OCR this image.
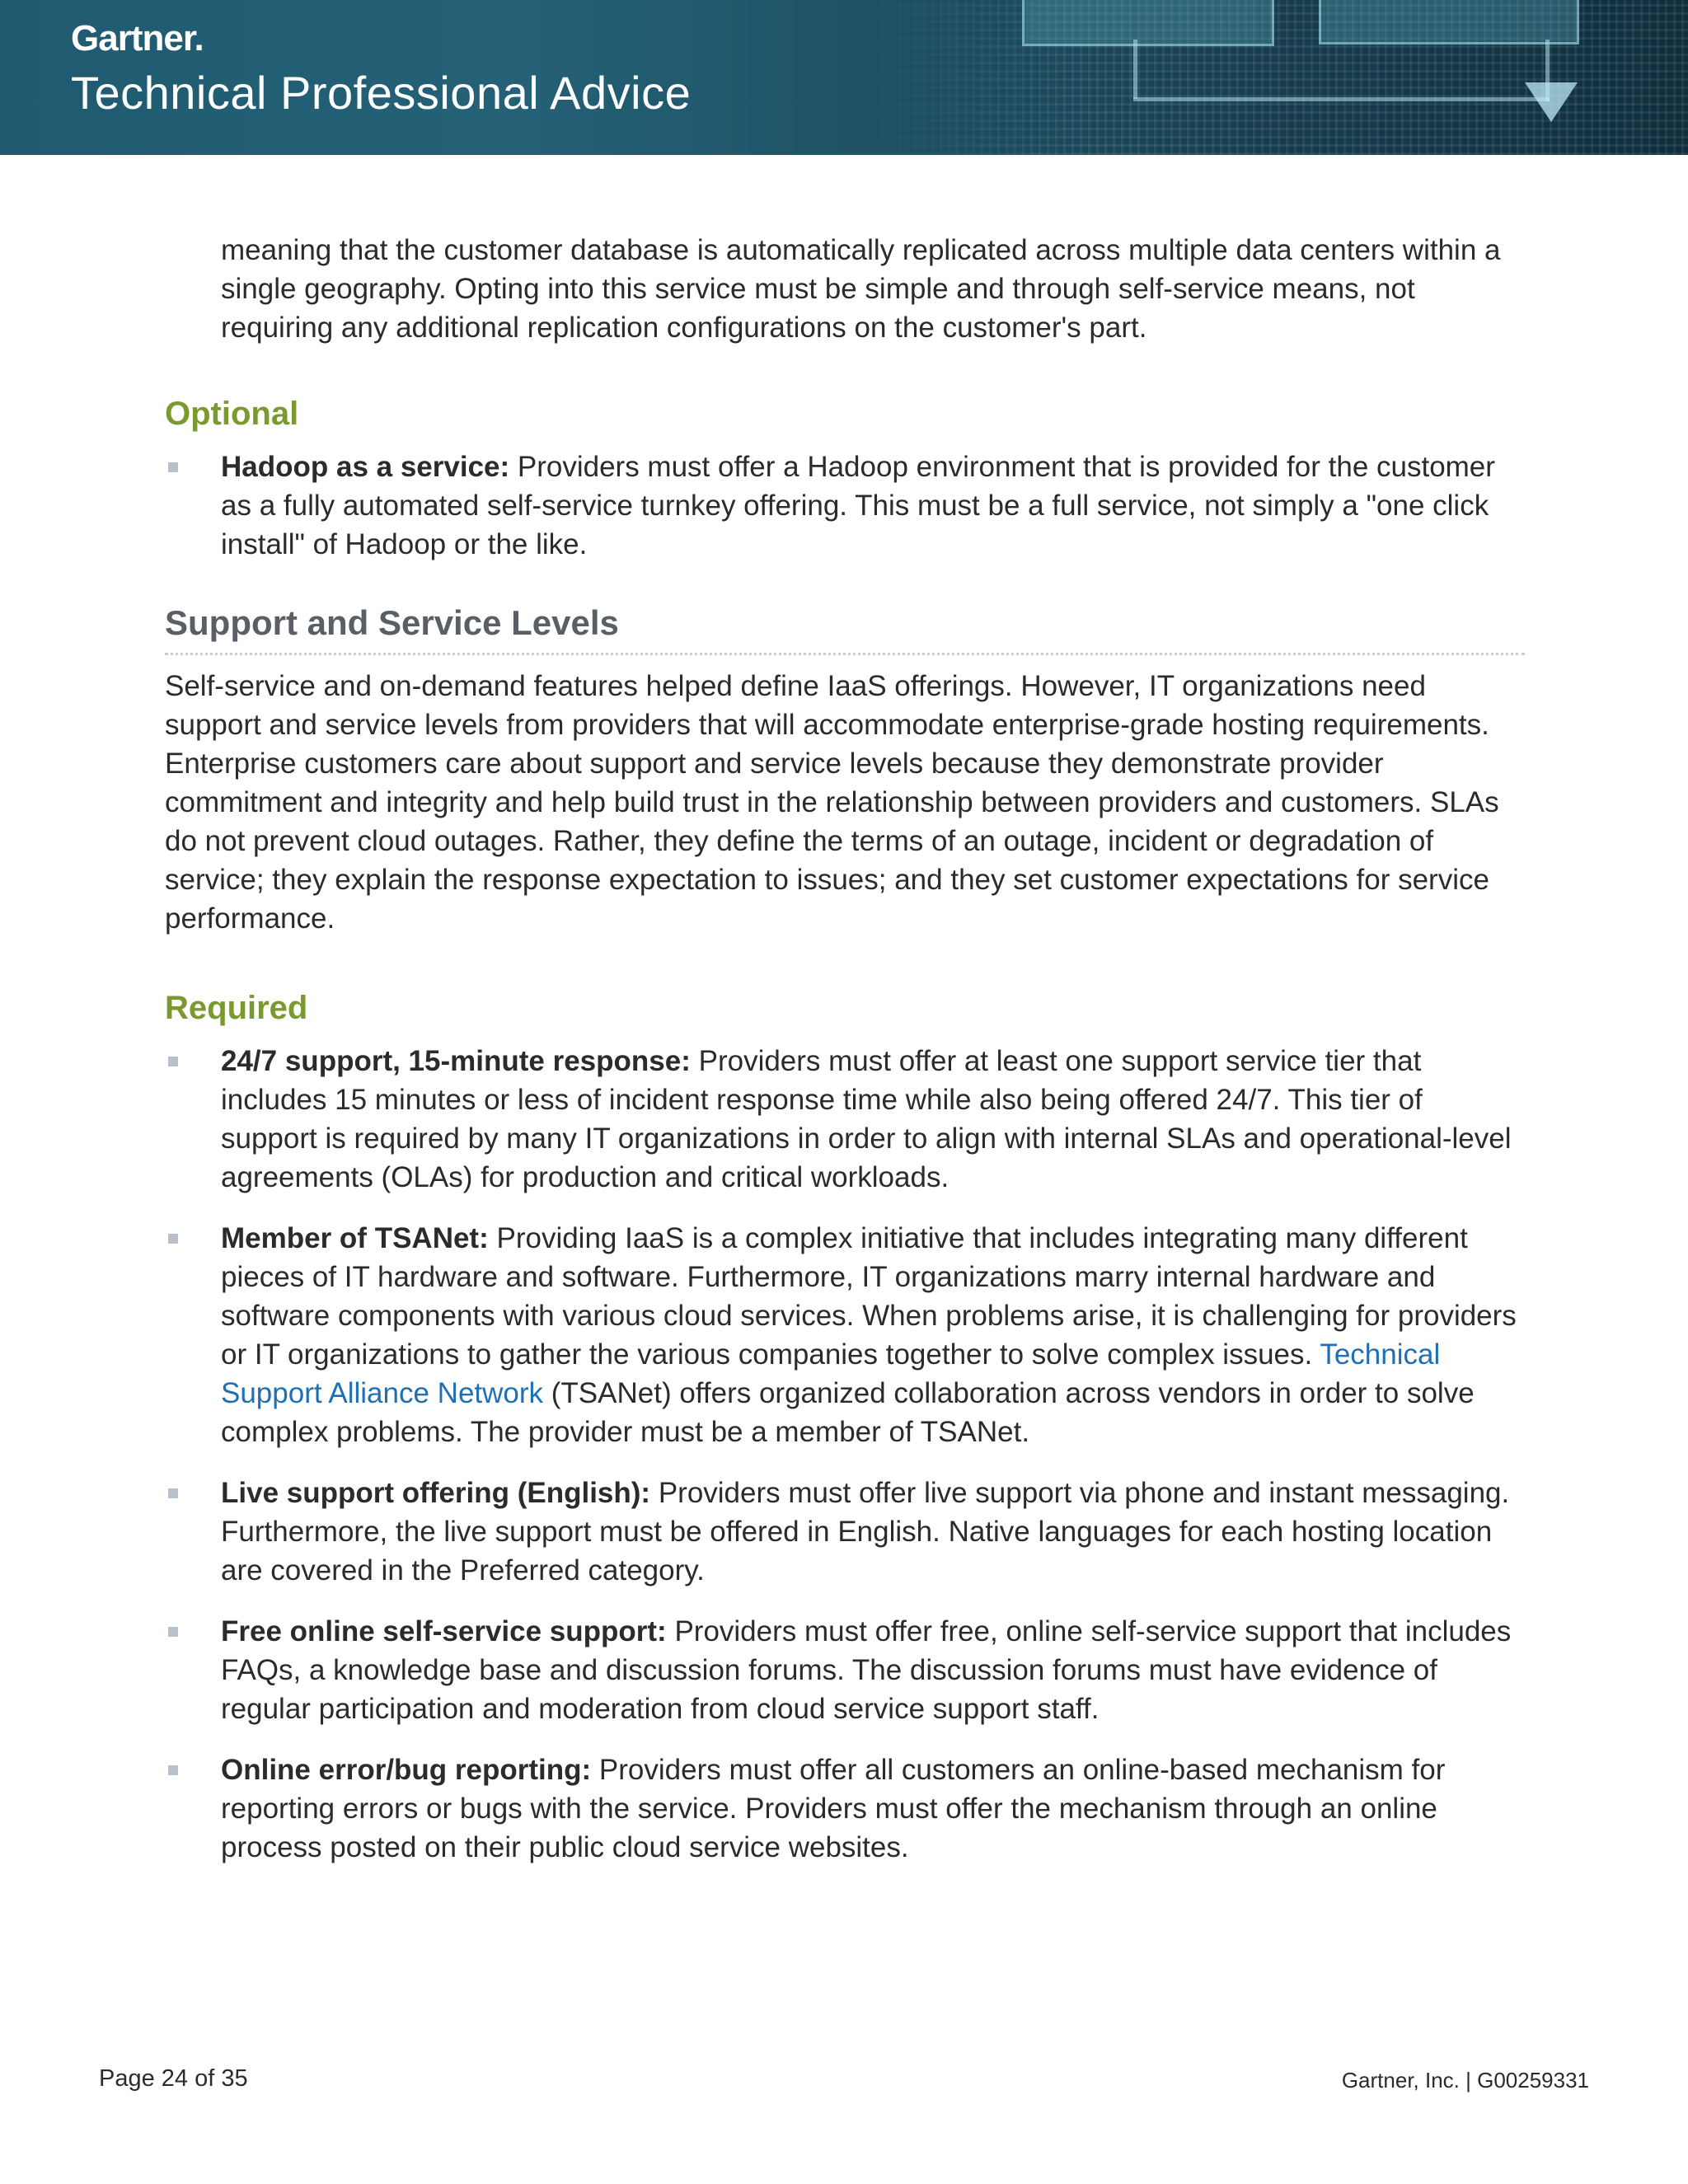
Gartner.
Technical Professional Advice

meaning that the customer database is automatically replicated across multiple data centers within a single geography. Opting into this service must be simple and through self-service means, not requiring any additional replication configurations on the customer's part.

Optional
Hadoop as a service: Providers must offer a Hadoop environment that is provided for the customer as a fully automated self-service turnkey offering. This must be a full service, not simply a "one click install" of Hadoop or the like.
Support and Service Levels

Self-service and on-demand features helped define IaaS offerings. However, IT organizations need support and service levels from providers that will accommodate enterprise-grade hosting requirements. Enterprise customers care about support and service levels because they demonstrate provider commitment and integrity and help build trust in the relationship between providers and customers. SLAs do not prevent cloud outages. Rather, they define the terms of an outage, incident or degradation of service; they explain the response expectation to issues; and they set customer expectations for service performance.

Required
24/7 support, 15-minute response: Providers must offer at least one support service tier that includes 15 minutes or less of incident response time while also being offered 24/7. This tier of support is required by many IT organizations in order to align with internal SLAs and operational-level agreements (OLAs) for production and critical workloads.
Member of TSANet: Providing IaaS is a complex initiative that includes integrating many different pieces of IT hardware and software. Furthermore, IT organizations marry internal hardware and software components with various cloud services. When problems arise, it is challenging for providers or IT organizations to gather the various companies together to solve complex issues. Technical Support Alliance Network (TSANet) offers organized collaboration across vendors in order to solve complex problems. The provider must be a member of TSANet.
Live support offering (English): Providers must offer live support via phone and instant messaging. Furthermore, the live support must be offered in English. Native languages for each hosting location are covered in the Preferred category.
Free online self-service support: Providers must offer free, online self-service support that includes FAQs, a knowledge base and discussion forums. The discussion forums must have evidence of regular participation and moderation from cloud service support staff.
Online error/bug reporting: Providers must offer all customers an online-based mechanism for reporting errors or bugs with the service. Providers must offer the mechanism through an online process posted on their public cloud service websites.
Page 24 of 35	Gartner, Inc. | G00259331
